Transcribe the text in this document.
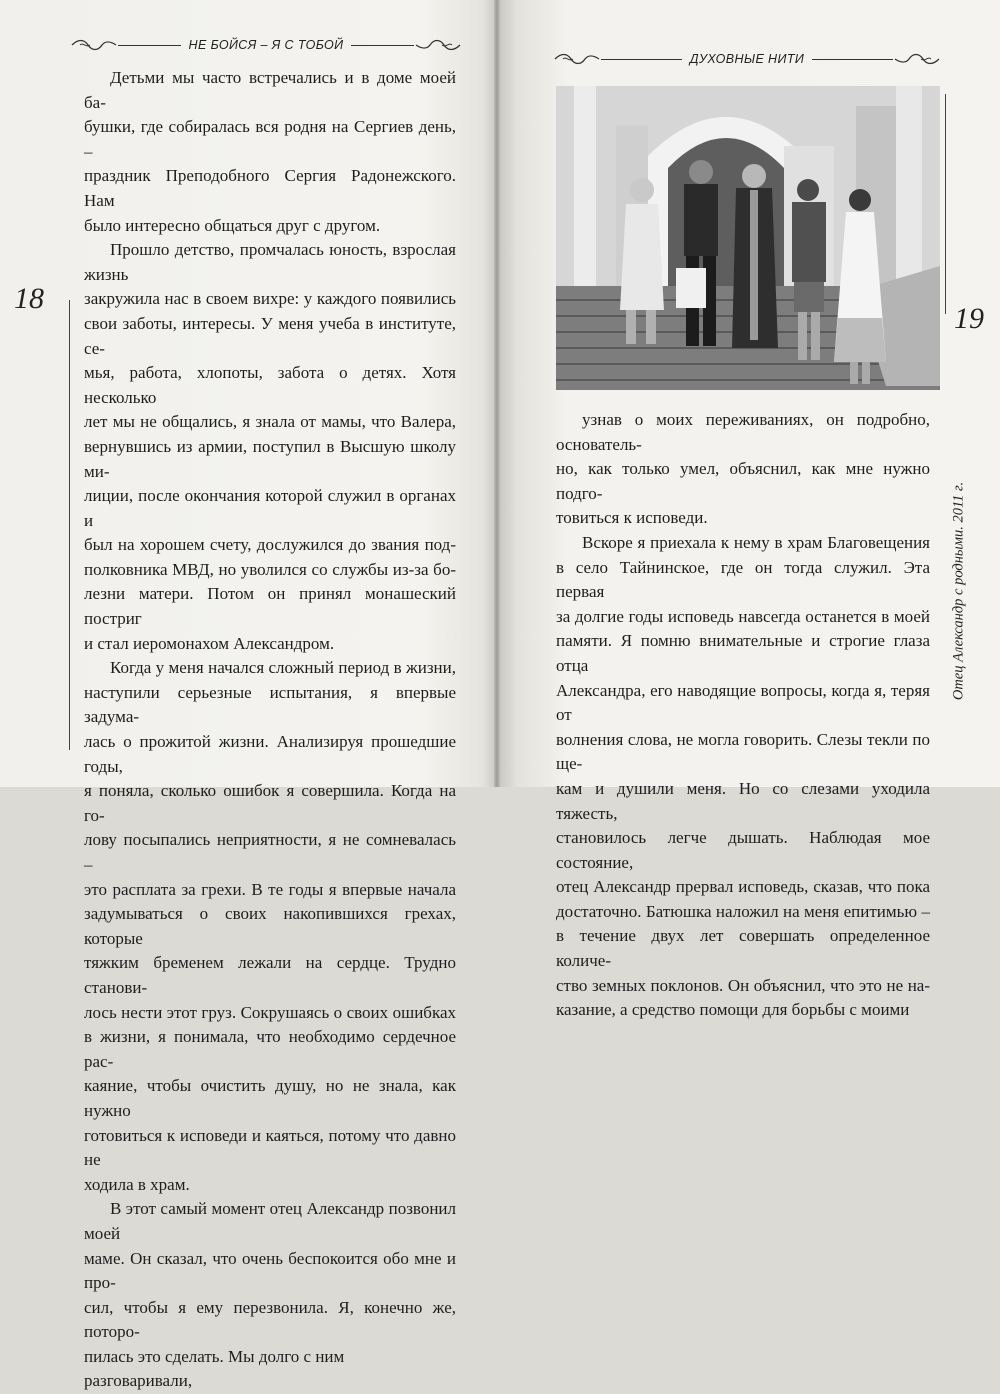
НЕ БОЙСЯ – Я С ТОБОЙ
18

Детьми мы часто встречались и в доме моей ба-
бушки, где собиралась вся родня на Сергиев день, –
праздник Преподобного Сергия Радонежского. Нам
было интересно общаться друг с другом.

Прошло детство, промчалась юность, взрослая жизнь
закружила нас в своем вихре: у каждого появились
свои заботы, интересы. У меня учеба в институте, се-
мья, работа, хлопоты, забота о детях. Хотя несколько
лет мы не общались, я знала от мамы, что Валера,
вернувшись из армии, поступил в Высшую школу ми-
лиции, после окончания которой служил в органах и
был на хорошем счету, дослужился до звания под-
полковника МВД, но уволился со службы из-за бо-
лезни матери. Потом он принял монашеский постриг
и стал иеромонахом Александром.

Когда у меня начался сложный период в жизни,
наступили серьезные испытания, я впервые задума-
лась о прожитой жизни. Анализируя прошедшие годы,
я поняла, сколько ошибок я совершила. Когда на го-
лову посыпались неприятности, я не сомневалась –
это расплата за грехи. В те годы я впервые начала
задумываться о своих накопившихся грехах, которые
тяжким бременем лежали на сердце. Трудно станови-
лось нести этот груз. Сокрушаясь о своих ошибках
в жизни, я понимала, что необходимо сердечное рас-
каяние, чтобы очистить душу, но не знала, как нужно
готовиться к исповеди и каяться, потому что давно не
ходила в храм.

В этот самый момент отец Александр позвонил моей
маме. Он сказал, что очень беспокоится обо мне и про-
сил, чтобы я ему перезвонила. Я, конечно же, поторо-
пилась это сделать. Мы долго с ним разговаривали,

ДУХОВНЫЕ НИТИ
19

узнав о моих переживаниях, он подробно, основатель-
но, как только умел, объяснил, как мне нужно подго-
товиться к исповеди.

Вскоре я приехала к нему в храм Благовещения
в село Тайнинское, где он тогда служил. Эта первая
за долгие годы исповедь навсегда останется в моей
памяти. Я помню внимательные и строгие глаза отца
Александра, его наводящие вопросы, когда я, теряя от
волнения слова, не могла говорить. Слезы текли по ще-
кам и душили меня. Но со слезами уходила тяжесть,
становилось легче дышать. Наблюдая мое состояние,
отец Александр прервал исповедь, сказав, что пока
достаточно. Батюшка наложил на меня епитимью –
в течение двух лет совершать определенное количе-
ство земных поклонов. Он объяснил, что это не на-
казание, а средство помощи для борьбы с моими

Отец Александр с родными. 2011 г.
